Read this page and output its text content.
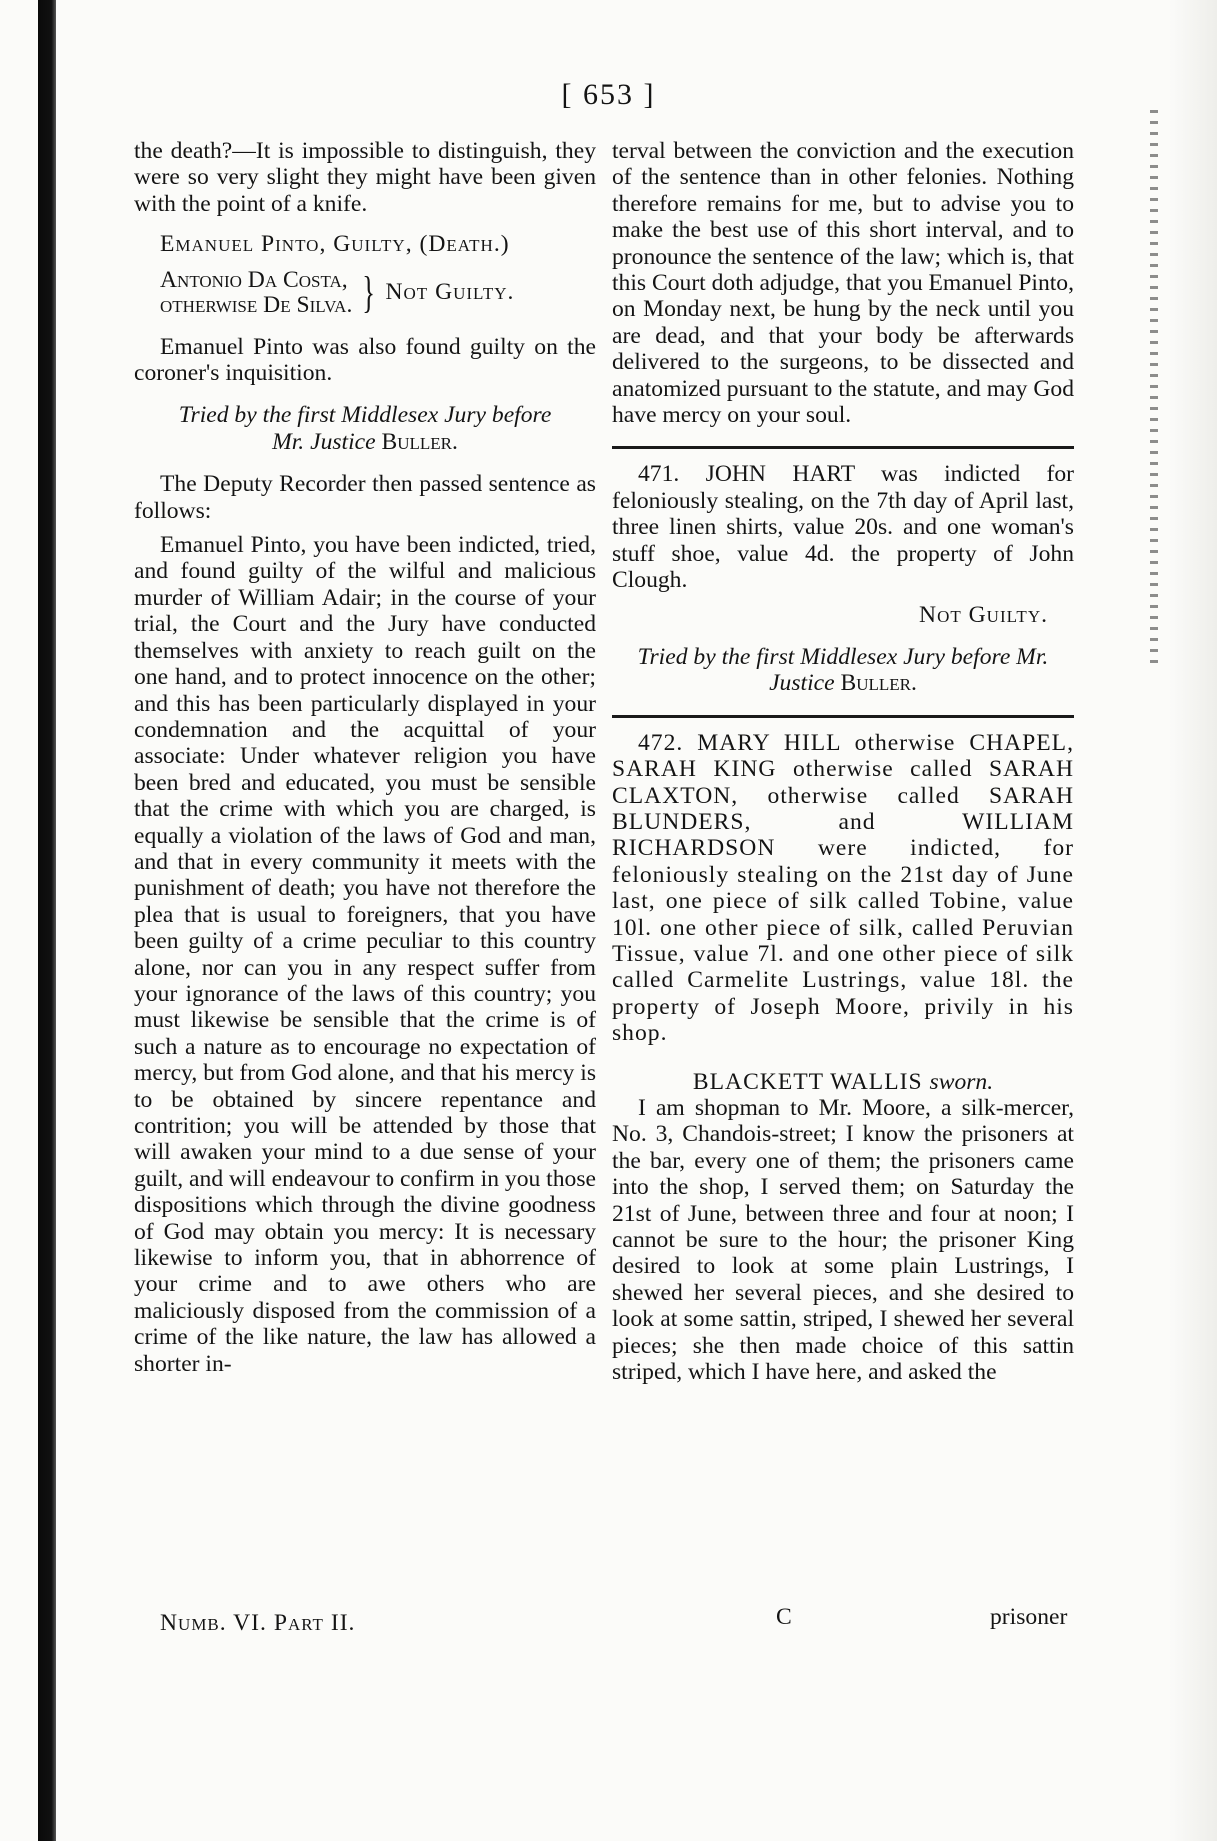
[ 653 ]

the death?—It is impossible to distinguish, they were so very slight they might have been given with the point of a knife.

Emanuel Pinto, Guilty, (Death.)
Antonio Da Costa,
otherwise De Silva. } Not Guilty.

Emanuel Pinto was also found guilty on the coroner's inquisition.

Tried by the first Middlesex Jury before
Mr. Justice Buller.

The Deputy Recorder then passed sentence as follows:

Emanuel Pinto, you have been indicted, tried, and found guilty of the wilful and malicious murder of William Adair; in the course of your trial, the Court and the Jury have conducted themselves with anxiety to reach guilt on the one hand, and to protect innocence on the other; and this has been particularly displayed in your condemnation and the acquittal of your associate: Under whatever religion you have been bred and educated, you must be sensible that the crime with which you are charged, is equally a violation of the laws of God and man, and that in every community it meets with the punishment of death; you have not therefore the plea that is usual to foreigners, that you have been guilty of a crime peculiar to this country alone, nor can you in any respect suffer from your ignorance of the laws of this country; you must likewise be sensible that the crime is of such a nature as to encourage no expectation of mercy, but from God alone, and that his mercy is to be obtained by sincere repentance and contrition; you will be attended by those that will awaken your mind to a due sense of your guilt, and will endeavour to confirm in you those dispositions which through the divine goodness of God may obtain you mercy: It is necessary likewise to inform you, that in abhorrence of your crime and to awe others who are maliciously disposed from the commission of a crime of the like nature, the law has allowed a shorter in-

terval between the conviction and the execution of the sentence than in other felonies. Nothing therefore remains for me, but to advise you to make the best use of this short interval, and to pronounce the sentence of the law; which is, that this Court doth adjudge, that you Emanuel Pinto, on Monday next, be hung by the neck until you are dead, and that your body be afterwards delivered to the surgeons, to be dissected and anatomized pursuant to the statute, and may God have mercy on your soul.

471. JOHN HART was indicted for feloniously stealing, on the 7th day of April last, three linen shirts, value 20s. and one woman's stuff shoe, value 4d. the property of John Clough.

Not Guilty.
Tried by the first Middlesex Jury before Mr.
Justice Buller.

472. MARY HILL otherwise CHAPEL, SARAH KING otherwise called SARAH CLAXTON, otherwise called SARAH BLUNDERS, and WILLIAM RICHARDSON were indicted, for feloniously stealing on the 21st day of June last, one piece of silk called Tobine, value 10l. one other piece of silk, called Peruvian Tissue, value 7l. and one other piece of silk called Carmelite Lustrings, value 18l. the property of Joseph Moore, privily in his shop.

BLACKETT WALLIS sworn.

I am shopman to Mr. Moore, a silk-mercer, No. 3, Chandois-street; I know the prisoners at the bar, every one of them; the prisoners came into the shop, I served them; on Saturday the 21st of June, between three and four at noon; I cannot be sure to the hour; the prisoner King desired to look at some plain Lustrings, I shewed her several pieces, and she desired to look at some sattin, striped, I shewed her several pieces; she then made choice of this sattin striped, which I have here, and asked the

Numb. VI. Part II.	C	prisoner
